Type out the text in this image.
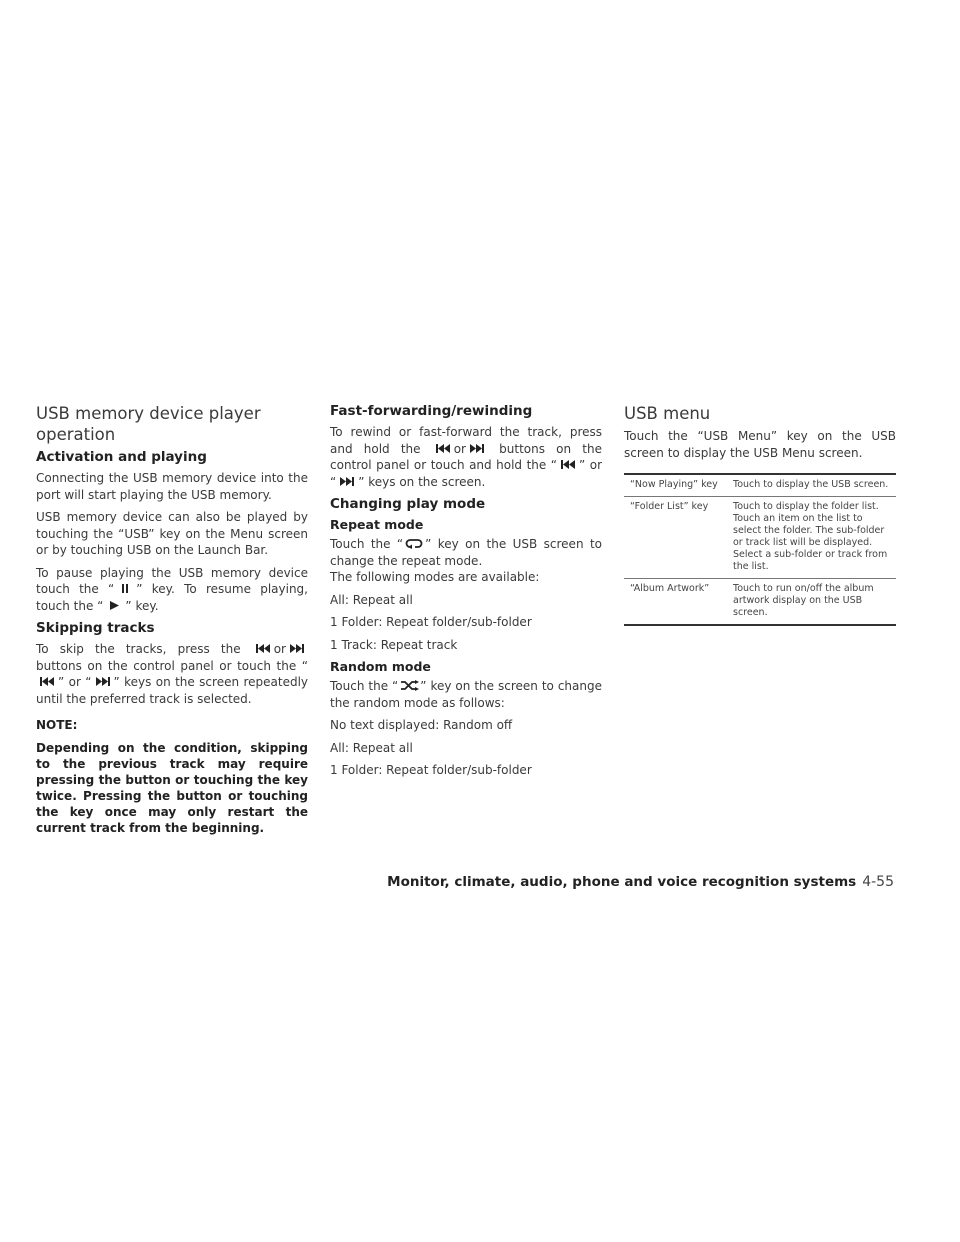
USB memory device player operation
Activation and playing

Connecting the USB memory device into the port will start playing the USB memory.

USB memory device can also be played by touching the “USB” key on the Menu screen or by touching USB on the Launch Bar.

To pause playing the USB memory device touch the “ ” key. To resume playing, touch the “ ” key.

Skipping tracks

To skip the tracks, press the	or
buttons on the control panel or touch the “
” or “ ” keys on the screen repeatedly until the preferred track is selected.

NOTE:

Depending on the condition, skipping to the previous track may require pressing the button or touching the key twice. Pressing the button or touching the key once may only restart the current track from the beginning.

Fast-forwarding/rewinding

To rewind or fast-forward the track, press and hold the	or	buttons on the control panel or touch and hold the “ ” or “ ” keys on the screen.

Changing play mode
Repeat mode

Touch the “ ” key on the USB screen to change the repeat mode.

The following modes are available:

All: Repeat all

1 Folder: Repeat folder/sub-folder

1 Track: Repeat track

Random mode

Touch the “ ” key on the screen to change the random mode as follows:

No text displayed: Random off

All: Repeat all

1 Folder: Repeat folder/sub-folder

USB menu

Touch the “USB Menu” key on the USB screen to display the USB Menu screen.

“Now Playing” key	Touch to display the USB screen.
“Folder List” key	Touch to display the folder list. Touch an item on the list to select the folder. The sub-folder or track list will be displayed. Select a sub-folder or track from the list.
“Album Artwork”	Touch to run on/off the album artwork display on the USB screen.
Monitor, climate, audio, phone and voice recognition systems 4-55
